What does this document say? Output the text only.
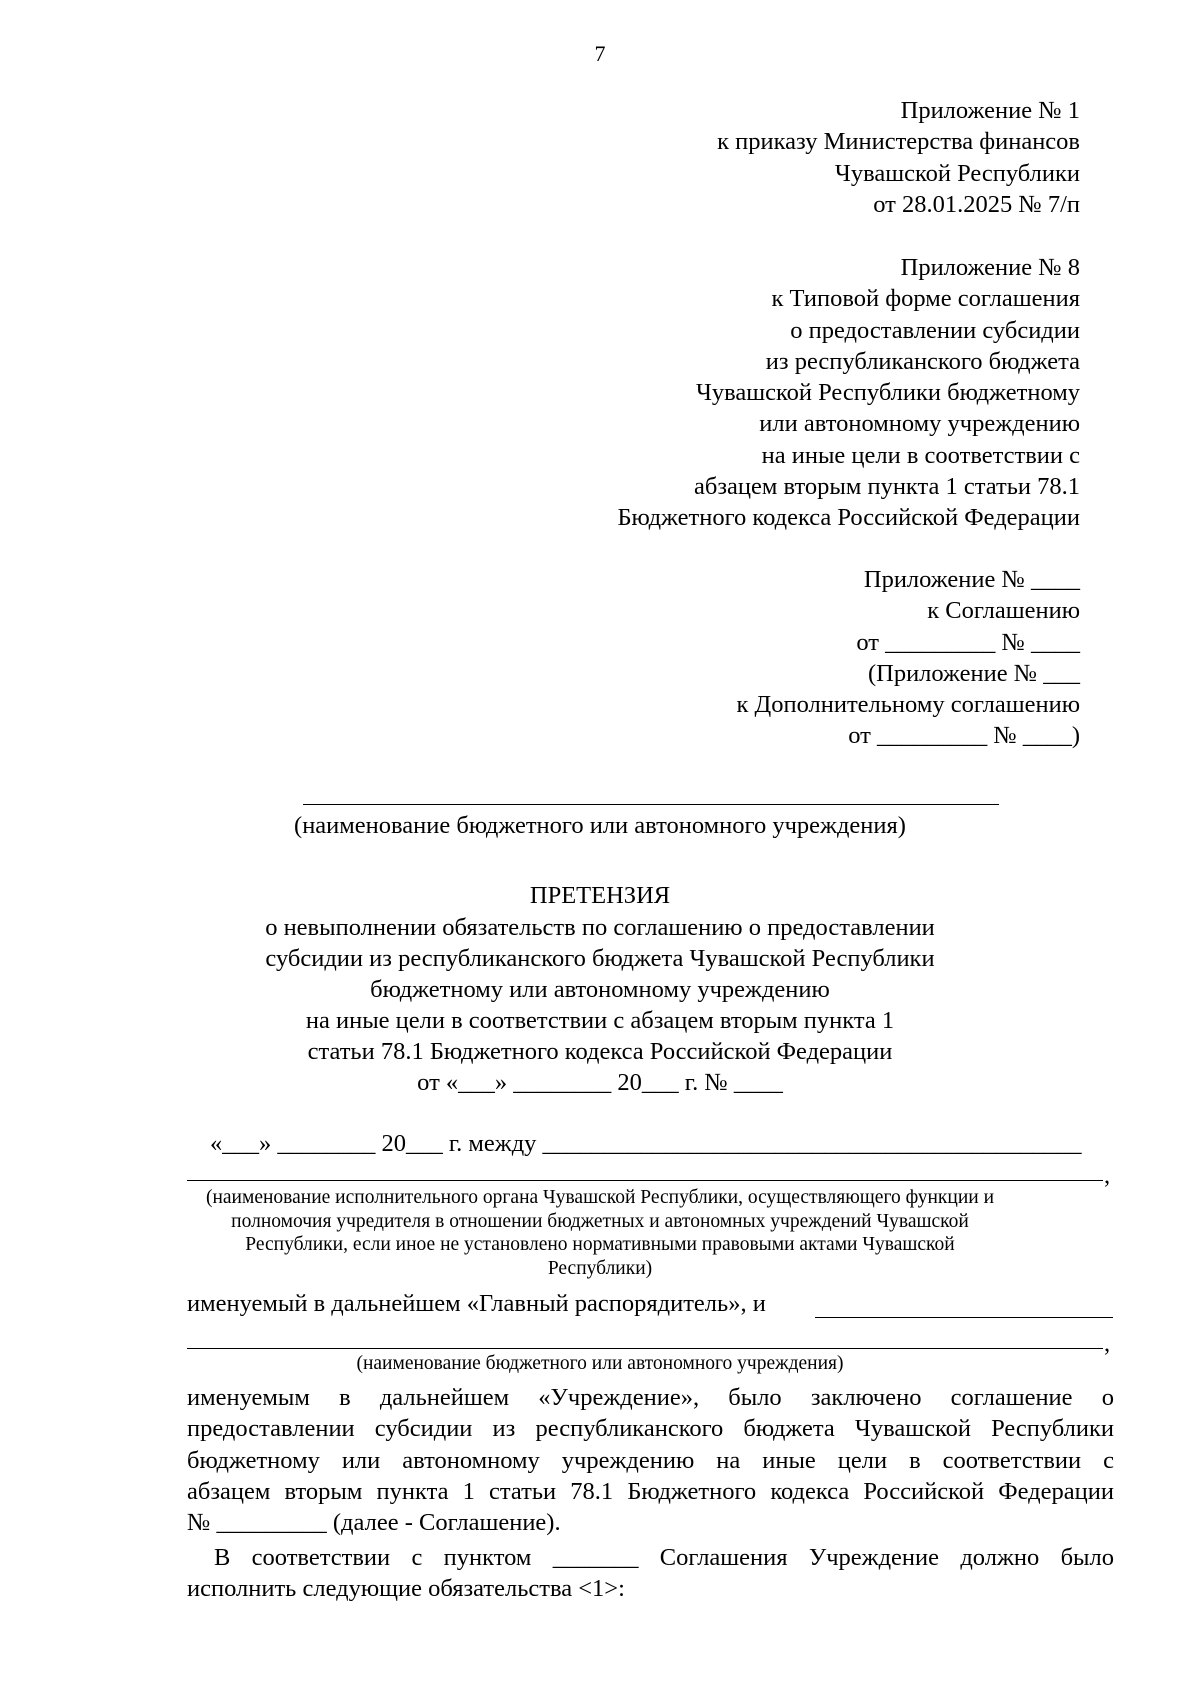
7
Приложение № 1
к приказу Министерства финансов
Чувашской Республики
от 28.01.2025 № 7/п
Приложение № 8
к Типовой форме соглашения
о предоставлении субсидии
из республиканского бюджета
Чувашской Республики бюджетному
или автономному учреждению
на иные цели в соответствии с
абзацем вторым пункта 1 статьи 78.1
Бюджетного кодекса Российской Федерации
Приложение № ____
к Соглашению
от _________ № ____
(Приложение № ___
к Дополнительному соглашению
от _________ № ____)
(наименование бюджетного или автономного учреждения)
ПРЕТЕНЗИЯ
о невыполнении обязательств по соглашению о предоставлении
субсидии из республиканского бюджета Чувашской Республики
бюджетному или автономному учреждению
на иные цели в соответствии с абзацем вторым пункта 1
статьи 78.1 Бюджетного кодекса Российской Федерации
от «___» ________ 20___ г. № ____
«___» ________ 20___ г. между ____________________________________________
,
(наименование исполнительного органа Чувашской Республики, осуществляющего функции и
полномочия учредителя в отношении бюджетных и автономных учреждений Чувашской
Республики, если иное не установлено нормативными правовыми актами Чувашской
Республики)
именуемый в дальнейшем «Главный распорядитель», и
,
(наименование бюджетного или автономного учреждения)
именуемым в дальнейшем «Учреждение», было заключено соглашение о
предоставлении субсидии из республиканского бюджета Чувашской Республики
бюджетному или автономному учреждению на иные цели в соответствии с
абзацем вторым пункта 1 статьи 78.1 Бюджетного кодекса Российской Федерации
№ _________ (далее - Соглашение).
В соответствии с пунктом _______ Соглашения Учреждение должно было
исполнить следующие обязательства <1>:
